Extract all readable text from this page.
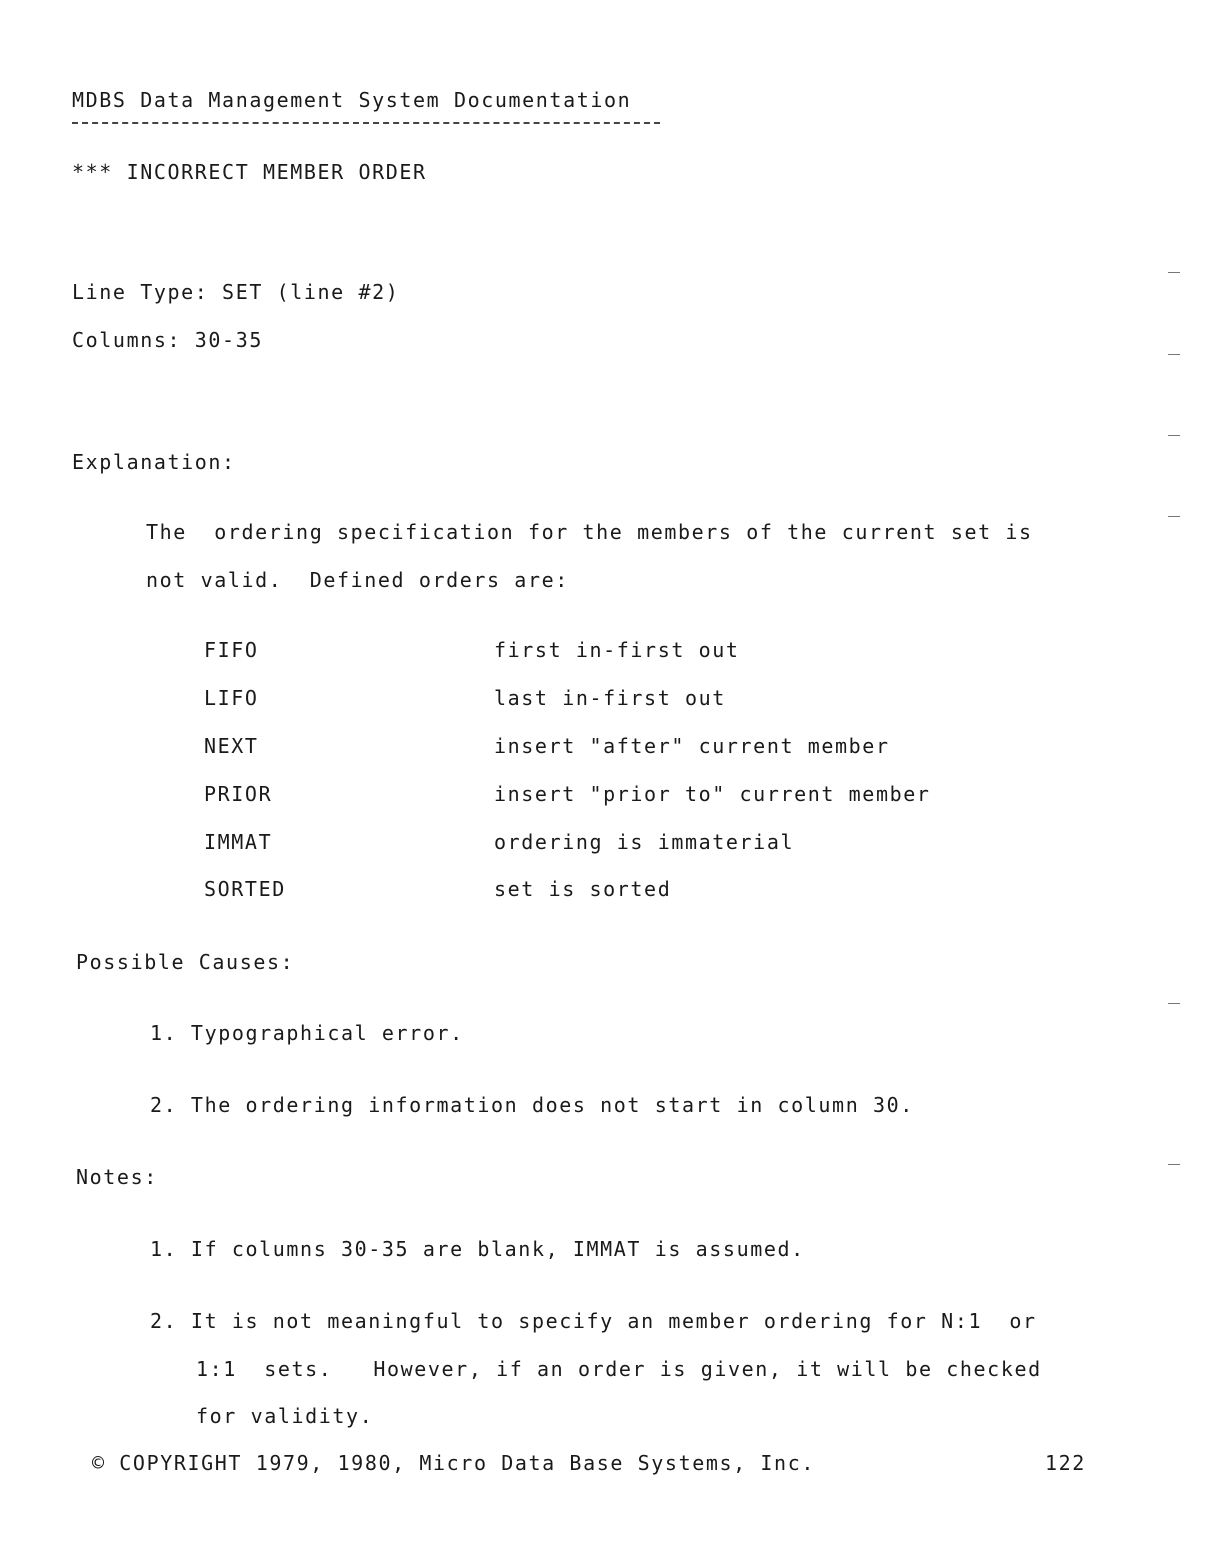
MDBS Data Management System Documentation
*** INCORRECT MEMBER ORDER
Line Type: SET (line #2)
Columns: 30-35
Explanation:
The  ordering specification for the members of the current set is
not valid.  Defined orders are:
FIFO	first in-first out
LIFO	last in-first out
NEXT	insert "after" current member
PRIOR	insert "prior to" current member
IMMAT	ordering is immaterial
SORTED	set is sorted
Possible Causes:
1. Typographical error.
2. The ordering information does not start in column 30.
Notes:
1. If columns 30-35 are blank, IMMAT is assumed.
2. It is not meaningful to specify an member ordering for N:1  or
1:1  sets.   However, if an order is given, it will be checked
for validity.
© COPYRIGHT 1979, 1980, Micro Data Base Systems, Inc.	122
